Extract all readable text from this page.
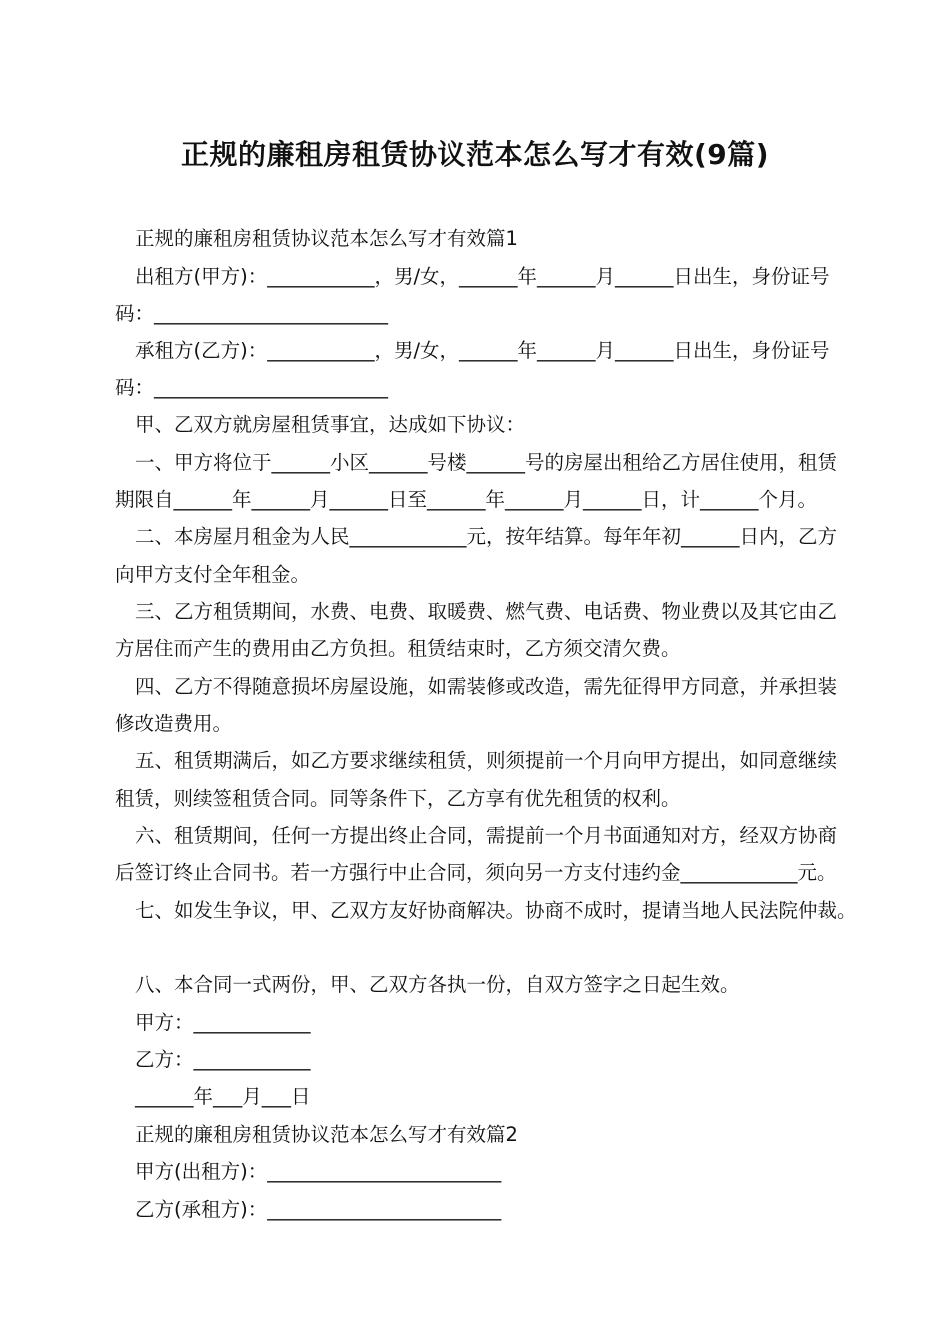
正规的廉租房租赁协议范本怎么写才有效(9篇)
正规的廉租房租赁协议范本怎么写才有效篇1
出租方(甲方)：___________，男/女，______年______月______日出生，身份证号
码：________________________
承租方(乙方)：___________，男/女，______年______月______日出生，身份证号
码：________________________
甲、乙双方就房屋租赁事宜，达成如下协议：
一、甲方将位于______小区______号楼______号的房屋出租给乙方居住使用，租赁
期限自______年______月______日至______年______月______日，计______个月。
二、本房屋月租金为人民____________元，按年结算。每年年初______日内，乙方
向甲方支付全年租金。
三、乙方租赁期间，水费、电费、取暖费、燃气费、电话费、物业费以及其它由乙
方居住而产生的费用由乙方负担。租赁结束时，乙方须交清欠费。
四、乙方不得随意损坏房屋设施，如需装修或改造，需先征得甲方同意，并承担装
修改造费用。
五、租赁期满后，如乙方要求继续租赁，则须提前一个月向甲方提出，如同意继续
租赁，则续签租赁合同。同等条件下，乙方享有优先租赁的权利。
六、租赁期间，任何一方提出终止合同，需提前一个月书面通知对方，经双方协商
后签订终止合同书。若一方强行中止合同，须向另一方支付违约金____________元。
七、如发生争议，甲、乙双方友好协商解决。协商不成时，提请当地人民法院仲裁。
八、本合同一式两份，甲、乙双方各执一份，自双方签字之日起生效。
甲方：____________
乙方：____________
______年___月___日
正规的廉租房租赁协议范本怎么写才有效篇2
甲方(出租方)：________________________
乙方(承租方)：________________________
